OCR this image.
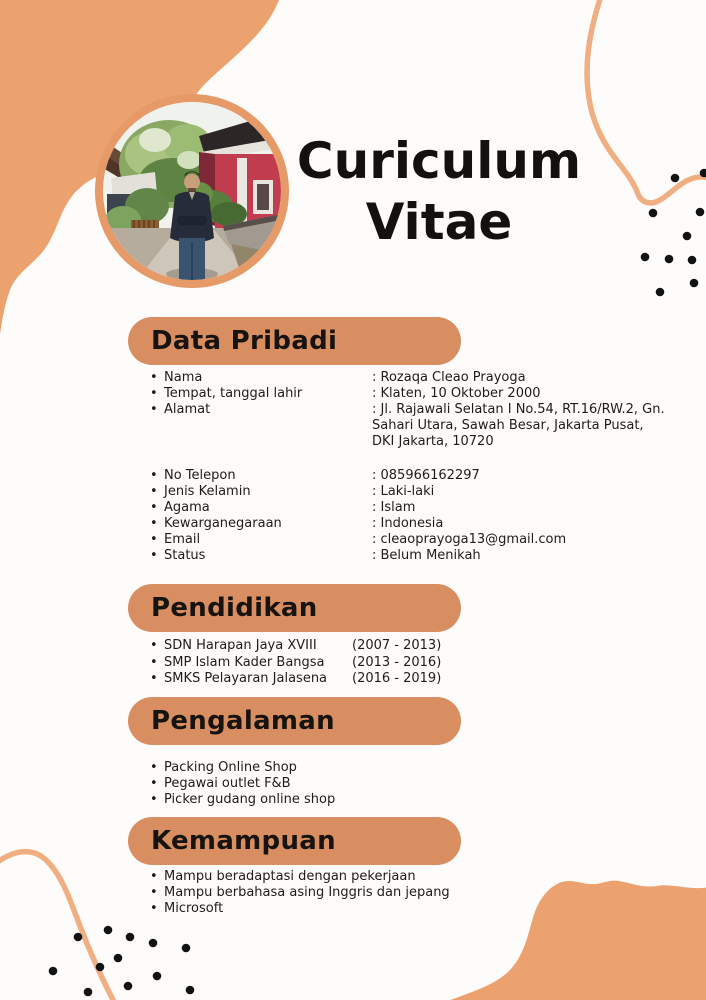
Curiculum
Vitae
Data Pribadi
• Nama	: Rozaqa Cleao Prayoga
• Tempat, tanggal lahir	: Klaten, 10 Oktober 2000
• Alamat	: Jl. Rajawali Selatan I No.54, RT.16/RW.2, Gn. Sahari Utara, Sawah Besar, Jakarta Pusat, DKI Jakarta, 10720
• No Telepon	: 085966162297
• Jenis Kelamin	: Laki-laki
• Agama	: Islam
• Kewarganegaraan	: Indonesia
• Email	: cleaoprayoga13@gmail.com
• Status	: Belum Menikah
Pendidikan
• SDN Harapan Jaya XVIII	(2007 - 2013)
• SMP Islam Kader Bangsa	(2013 - 2016)
• SMKS Pelayaran Jalasena	(2016 - 2019)
Pengalaman
• Packing Online Shop
• Pegawai outlet F&B
• Picker gudang online shop
Kemampuan
• Mampu beradaptasi dengan pekerjaan
• Mampu berbahasa asing Inggris dan jepang
• Microsoft
